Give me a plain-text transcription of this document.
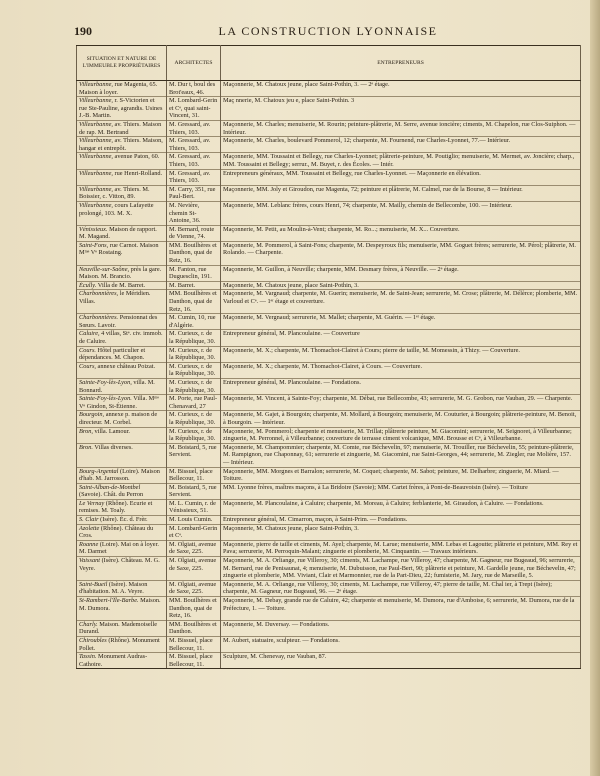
190	LA CONSTRUCTION LYONNAISE
SITUATION ET NATURE DE L'IMMEUBLE PROPRIÉTAIRES	ARCHITECTES	ENTREPRENEURS
Villeurbanne, rue Magenta, 65. Maison à loyer.	M. Dur t, boul des Brot'eaux, 46.	Maçonnerie, M. Chatoux jeune, place Saint-Pothin, 3. — 2ᵉ étage.
Villeurbanne, r. S-Victorien et rue Ste-Pauline, agrandis. Usines J.-B. Martin.	M. Lombard-Gerin et Cᵉ, quai saint-Vincent, 31.	Maç nnerie, M. Chatoux jeu e, place Saint-Pothin. 3
Villeurbanne, av. Thiers. Maison de rap. M. Bertrand	M. Gressard, av. Thiers, 103.	Maçonnerie, M. Charles; menuiserie, M. Rourin; peinture-plâtrerie, M. Serre, avenue ioncière; ciments, M. Chapelon, rue Clos-Suiphon. — Intérieur.
Villeurbanne, av. Thiers. Maison, hangar et entrepôt.	M. Gressard, av. Thiers, 103.	Maçonnerie, M. Charles, boulevard Pommerol, 12; charpente, M. Fournend, rue Charles-Lyonnet, 77.— Intérieur.
Villeurbanne, avenue Paton, 60.	M. Gressard, av. Thiers, 103.	Maçonnerie, MM. Toussaint et Bellegy, rue Charles-Lyonnet; plâtrerie-peinture, M. Poutiglio; menuiserie, M. Mermet, av. Joncière; charp., MM. Toussaint et Bellegy; serrur., M. Buyet, r. des Écoles. — Intér.
Villeurbanne, rue Henri-Rolland.	M. Gressard, av. Thiers, 103.	Entrepreneurs généraux, MM. Toussaint et Bellegy, rue Charles-Lyonnet. — Maçonnerie en élévation.
Villeurbanne, av. Thiers. M. Boissier, c. Vitton, 89.	M. Carry, 351, rue Paul-Bert.	Maçonnerie, MM. Joly et Giroudon, rue Magenta, 72; peinture et plâtrerie, M. Calmel, rue de la Bourse, 8 — Intérieur.
Villeurbanne, cours Lafayette prolongé, 103. M. X.	M. Nevière, chemin St-Antoine, 36.	Maçonnerie, MM. Leblanc frères, cours Henri, 74; charpente, M. Mailly, chemin de Bellecombe, 100. — Intérieur.
Vénissieux. Maison de rapport. M. Magand.	M. Bernard, route de Vienne, 74.	Maçonnerie, M. Petit, au Moulin-à-Vent; charpente, M. Ro...; menuiserie, M. X... Couverture.
Saint-Fons, rue Carnot. Maison Mᵐᵉ Vᵉ Rostaing.	MM. Bouilhères et Danthon, quai de Retz, 16.	Maçonnerie, M. Pommerol, à Saint-Fons; charpente, M. Despeyroux fils; menuiserie, MM. Goguet frères; serrurerie, M. Pérol; plâtrerie, M. Rolando. — Charpente.
Neuville-sur-Saône, près la gare. Maison. M. Brancio.	M. Fanton, rue Duguesclin, 191.	Maçonnerie, M. Guillon, à Neuville; charpente, MM. Desmary frères, à Neuville. — 2ᵉ étage.
Écully. Villa de M. Barret.	M. Barret.	Maçonnerie, M. Chatoux jeune, place Saint-Pothin, 3.
Charbonnières, le Méridien. Villas.	MM. Bouilhères et Danthon, quai de Retz, 16.	Maçonnerie, M. Vargnaud; charpente, M. Guerin; menuiserie, M. de Saint-Jean; serrurerie, M. Crose; plâtrerie, M. Délèrce; plomberie, MM. Varloud et Cᵉ. — 1ᵉʳ étage et couverture.
Charbonnières. Pensionnat des Sœurs. Lavoir.	M. Cumin, 10, rue d'Algérie.	Maçonnerie, M. Vergnaud; serrurerie, M. Mallet; charpente, M. Guérin. — 1ᵉʳ étage.
Caluire, 4 villas, Stᵉ. civ. immob. de Caluire.	M. Curieux, r. de la République, 30.	Entrepreneur général, M. Plancoulaine. — Couverture
Cours. Hôtel particulier et dépendances. M. Chapon.	M. Curieux, r. de la République, 30.	Maçonnerie, M. X.; charpente, M. Thomachot-Clairet à Cours; pierre de taille, M. Momessin, à Thizy. — Couverture.
Cours, annexe château Poizat.	M. Curieux, r. de la République, 30.	Maçonnerie, M. X.; charpente, M. Thomachot-Clairet, à Cours. — Couverture.
Sainte-Foy-lès-Lyon, villa. M. Bonnard.	M. Curieux, r. de la République, 30.	Entrepreneur général, M. Plancoulaine. — Fondations.
Sainte-Foy-lès-Lyon. Villa. Mᵐᵉ Vᵉ Gindon, St-Étienne.	M. Porte, rue Paul-Chenavard, 27	Maçonnerie, M. Vincent, à Sainte-Foy; charpente, M. Débat, rue Bellecombe, 43; serrurerie, M. G. Grobon, rue Vauban, 29. — Charpente.
Bourgoin, annexe p. maison de directeur. M. Corbel.	M. Curieux, r. de la République, 30.	Maçonnerie, M. Gajet, à Bourgoin; charpente, M. Mollard, à Bourgoin; menuiserie, M. Couturier, à Bourgoin; plâtrerie-peinture, M. Benoit, à Bourgoin. — Intérieur.
Bron, villa. Lamour.	M. Curieux, r. de la République, 30.	Maçonnerie, M. Pommerol; charpente et menuiserie, M. Trillat; plâtrerie peinture, M. Giacomini; serrurerie, M. Seignoret, à Villeurbanne; zinguerie, M. Perronnel, à Villeurbanne; couverture de terrasse ciment volcanique, MM. Brousse et Cᵉ, à Villeurbanne.
Bron. Villas diverses.	M. Boistard, 5, rue Servient.	Maçonnerie, M. Champommier; charpente, M. Comte, rue Béchevelin, 97; menuiserie, M. Trouiller, rue Béchevelin, 55; peinture-plâtrerie, M. Rampignon, rue Chaponnay, 61; serrurerie et zinguerie, M. Giacomini, rue Saint-Georges, 44; serrurerie, M. Ziegler, rue Molière, 157. — Intérieur.
Bourg-Argental (Loire). Maison d'hab. M. Jarrosson.	M. Bissuel, place Bellecour, 11.	Maçonnerie, MM. Morgnes et Barralon; serrurerie, M. Coquet; charpente, M. Sabot; peinture, M. Delharbre; zinguerie, M. Miard. — Toiture.
Saint-Alban-de-Montbel (Savoie). Chât. du Perron	M. Boistard, 5, rue Servient.	MM. Lyonne frères, maîtres maçons, à La Bridoire (Savoie); MM. Cartet frères, à Pont-de-Beauvoisin (Isère). — Toiture
Le Vernay (Rhône). Ecurie et remises. M. Toaly.	M. L. Cumin, r. de Vénissieux, 51.	Maçonnerie, M. Plancoulaine, à Caluire; charpente, M. Moreau, à Caluire; ferblanterie, M. Giraudon, à Caluire. — Fondations.
S. Clair (Isère). Éc. d. Frèr.	M. Louis Cumin.	Entrepreneur général, M. Cimarron, maçon, à Saint-Prim. — Fondations.
Azolette (Rhône). Château du Cros.	M. Lombard-Gerin et Cᵉ.	Maçonnerie, M. Chatoux jeune, place Saint-Pothin, 3.
Roanne (Loire). Mai on à loyer. M. Darmet	M. Olgiati, avenue de Saxe, 225.	Maçonnerie, pierre de taille et ciments, M. Ayel; charpente, M. Larue; menuiserie, MM. Lebas et Lagoutte; plâtrerie et peinture, MM. Rey et Pava; serrurerie, M. Perroquin-Malant; zinguerie et plomberie, M. Cinquantin. — Travaux intérieurs.
Vaissant (Isère). Château. M. G. Veyre.	M. Olgiati, avenue de Saxe, 225.	Maçonnerie, M. A. Orliange, rue Villeroy, 30; ciments, M. Lachampe, rue Villeroy, 47; charpente, M. Gagneur, rue Bugeaud, 96; serrurerie, M. Bernard, rue de Penisaunat, 4; menuiserie, M. Dubuisson, rue Paul-Bert, 90; plâtrerie et peinture, M. Gardelle jeune, rue Béchevelin, 47; zinguerie et plomberie, MM. Viviant, Clair et Marmonnier, rue de la Part-Dieu, 22; fumisterie, M. Jary, rue de Marseille, 5.
Saint-Bueil (Isère). Maison d'habitation. M. A. Veyre.	M. Olgiati, avenue de Saxe, 225.	Maçonnerie, M. A. Orliange, rue Villeroy, 30; ciments, M. Lachampe, rue Villeroy, 47; pierre de taille, M. Chal ier, à Trept (Isère); charpente, M. Gagneur, rue Bugeaud, 96. — 2ᵉ étage.
St-Rambert-l'Île-Barbe. Maison. M. Dumora.	MM. Bouilhères et Danthon, quai de Retz, 16.	Maçonnerie, M. Debay, grande rue de Caluire, 42; charpente et menuiserie, M. Dumora, rue d'Amboise, 6; serrurerie, M. Dumora, rue de la Préfecture, 1. — Toiture.
Charly. Maison. Mademoiselle Durand.	MM. Bouilhères et Danthon.	Maçonnerie, M. Duversay. — Fondations.
Chiroubles (Rhône). Monument Pollet.	M. Bissuel, place Bellecour, 11.	M. Aubert, statuaire, sculpteur. — Fondations.
Tassin. Monument Audras-Cathoire.	M. Bissuel, place Bellecour, 11.	Sculpture, M. Chenevay, rue Vauban, 87.
